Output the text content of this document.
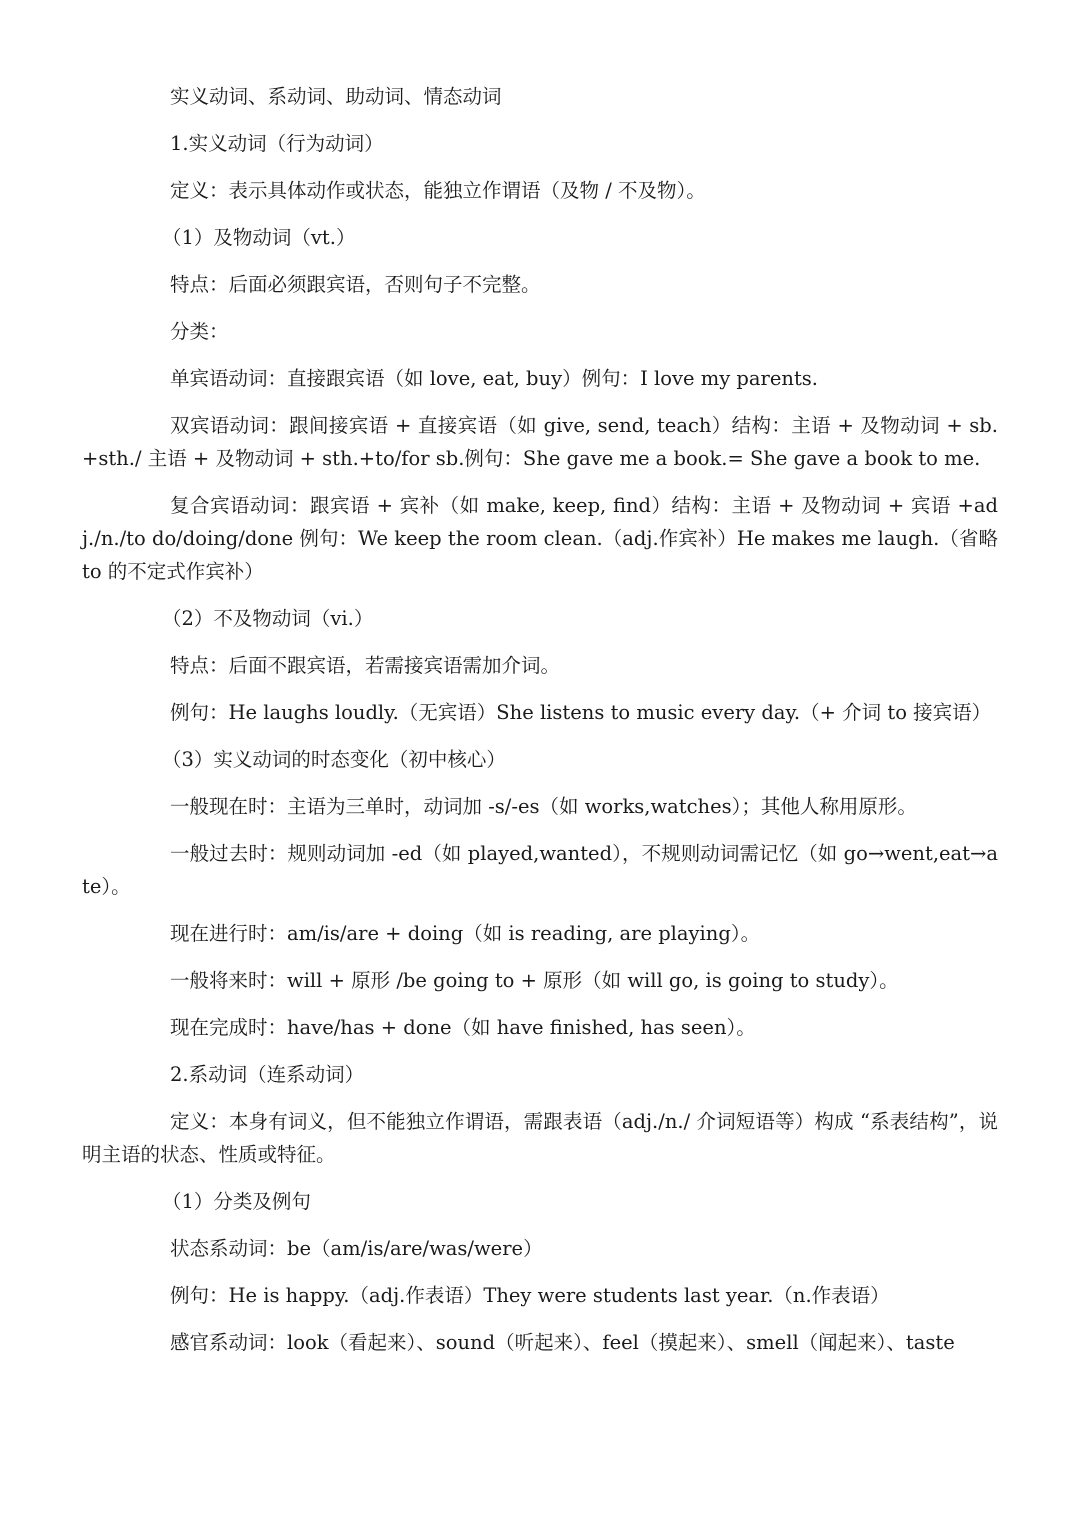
实义动词、系动词、助动词、情态动词

1.实义动词（行为动词）

定义：表示具体动作或状态，能独立作谓语（及物 / 不及物）。

（1）及物动词（vt.）

特点：后面必须跟宾语，否则句子不完整。

分类：

单宾语动词：直接跟宾语（如 love, eat, buy）例句：I love my parents.

双宾语动词：跟间接宾语 + 直接宾语（如 give, send, teach）结构：主语 + 及物动词 + sb.+sth./ 主语 + 及物动词 + sth.+to/for sb.例句：She gave me a book.= She gave a book to me.

复合宾语动词：跟宾语 + 宾补（如 make, keep, find）结构：主语 + 及物动词 + 宾语 +adj./n./to do/doing/done 例句：We keep the room clean.（adj.作宾补）He makes me laugh.（省略 to 的不定式作宾补）

（2）不及物动词（vi.）

特点：后面不跟宾语，若需接宾语需加介词。

例句：He laughs loudly.（无宾语）She listens to music every day.（+ 介词 to 接宾语）

（3）实义动词的时态变化（初中核心）

一般现在时：主语为三单时，动词加 -s/-es（如 works,watches）；其他人称用原形。

一般过去时：规则动词加 -ed（如 played,wanted），不规则动词需记忆（如 go→went,eat→ate）。

现在进行时：am/is/are + doing（如 is reading, are playing）。

一般将来时：will + 原形 /be going to + 原形（如 will go, is going to study）。

现在完成时：have/has + done（如 have finished, has seen）。

2.系动词（连系动词）

定义：本身有词义，但不能独立作谓语，需跟表语（adj./n./ 介词短语等）构成 “系表结构”，说明主语的状态、性质或特征。

（1）分类及例句

状态系动词：be（am/is/are/was/were）

例句：He is happy.（adj.作表语）They were students last year.（n.作表语）

感官系动词：look（看起来）、sound（听起来）、feel（摸起来）、smell（闻起来）、taste
